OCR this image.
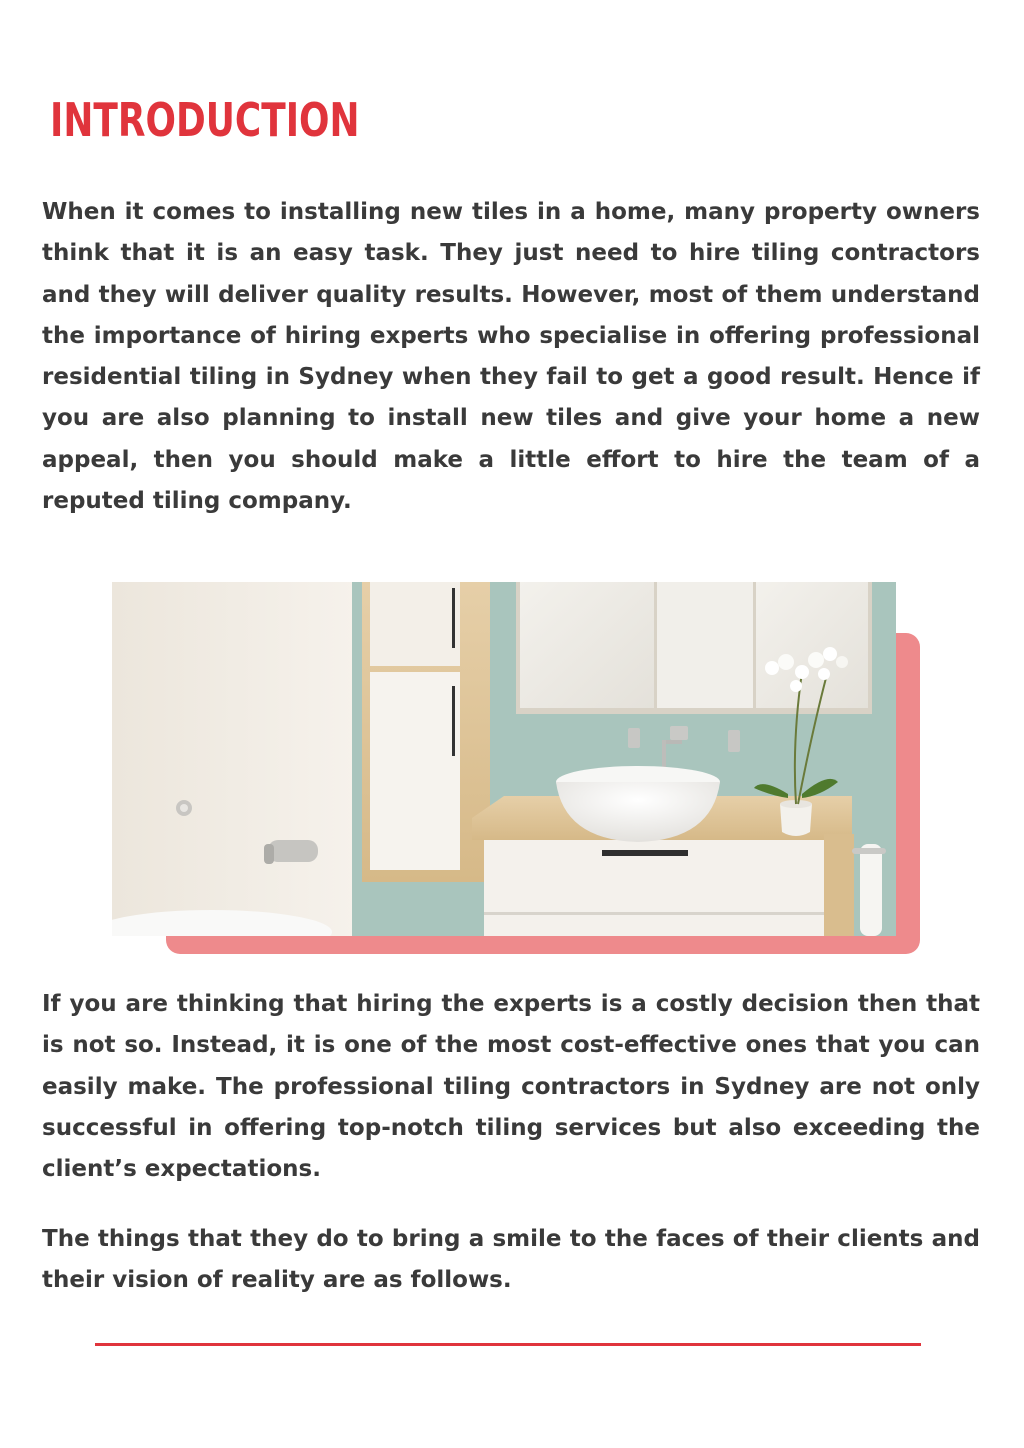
INTRODUCTION

When it comes to installing new tiles in a home, many property owners think that it is an easy task. They just need to hire tiling contractors and they will deliver quality results. However, most of them understand the importance of hiring experts who specialise in offering professional residential tiling in Sydney when they fail to get a good result. Hence if you are also planning to install new tiles and give your home a new appeal, then you should make a little effort to hire the team of a reputed tiling company.

If you are thinking that hiring the experts is a costly decision then that is not so. Instead, it is one of the most cost-effective ones that you can easily make. The professional tiling contractors in Sydney are not only successful in offering top-notch tiling services but also exceeding the client’s expectations.

The things that they do to bring a smile to the faces of their clients and their vision of reality are as follows.
